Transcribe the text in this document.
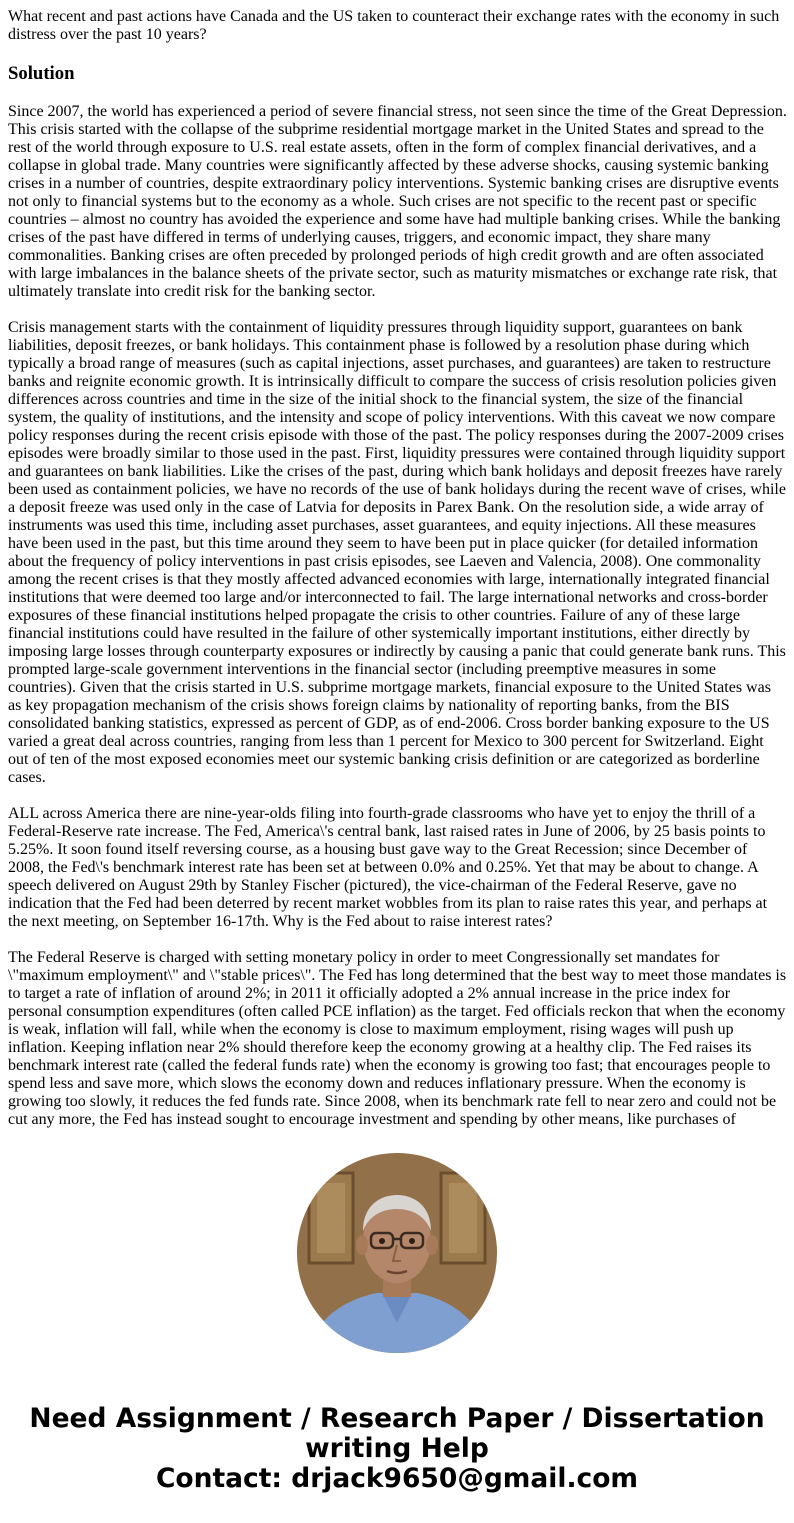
What recent and past actions have Canada and the US taken to counteract their exchange rates with the economy in such distress over the past 10 years?

Solution

Since 2007, the world has experienced a period of severe financial stress, not seen since the time of the Great Depression. This crisis started with the collapse of the subprime residential mortgage market in the United States and spread to the rest of the world through exposure to U.S. real estate assets, often in the form of complex financial derivatives, and a collapse in global trade. Many countries were significantly affected by these adverse shocks, causing systemic banking crises in a number of countries, despite extraordinary policy interventions. Systemic banking crises are disruptive events not only to financial systems but to the economy as a whole. Such crises are not specific to the recent past or specific countries – almost no country has avoided the experience and some have had multiple banking crises. While the banking crises of the past have differed in terms of underlying causes, triggers, and economic impact, they share many commonalities. Banking crises are often preceded by prolonged periods of high credit growth and are often associated with large imbalances in the balance sheets of the private sector, such as maturity mismatches or exchange rate risk, that ultimately translate into credit risk for the banking sector.

Crisis management starts with the containment of liquidity pressures through liquidity support, guarantees on bank liabilities, deposit freezes, or bank holidays. This containment phase is followed by a resolution phase during which typically a broad range of measures (such as capital injections, asset purchases, and guarantees) are taken to restructure banks and reignite economic growth. It is intrinsically difficult to compare the success of crisis resolution policies given differences across countries and time in the size of the initial shock to the financial system, the size of the financial system, the quality of institutions, and the intensity and scope of policy interventions. With this caveat we now compare policy responses during the recent crisis episode with those of the past. The policy responses during the 2007-2009 crises episodes were broadly similar to those used in the past. First, liquidity pressures were contained through liquidity support and guarantees on bank liabilities. Like the crises of the past, during which bank holidays and deposit freezes have rarely been used as containment policies, we have no records of the use of bank holidays during the recent wave of crises, while a deposit freeze was used only in the case of Latvia for deposits in Parex Bank. On the resolution side, a wide array of instruments was used this time, including asset purchases, asset guarantees, and equity injections. All these measures have been used in the past, but this time around they seem to have been put in place quicker (for detailed information about the frequency of policy interventions in past crisis episodes, see Laeven and Valencia, 2008). One commonality among the recent crises is that they mostly affected advanced economies with large, internationally integrated financial institutions that were deemed too large and/or interconnected to fail. The large international networks and cross-border exposures of these financial institutions helped propagate the crisis to other countries. Failure of any of these large financial institutions could have resulted in the failure of other systemically important institutions, either directly by imposing large losses through counterparty exposures or indirectly by causing a panic that could generate bank runs. This prompted large-scale government interventions in the financial sector (including preemptive measures in some countries). Given that the crisis started in U.S. subprime mortgage markets, financial exposure to the United States was as key propagation mechanism of the crisis shows foreign claims by nationality of reporting banks, from the BIS consolidated banking statistics, expressed as percent of GDP, as of end-2006. Cross border banking exposure to the US varied a great deal across countries, ranging from less than 1 percent for Mexico to 300 percent for Switzerland. Eight out of ten of the most exposed economies meet our systemic banking crisis definition or are categorized as borderline cases.

ALL across America there are nine-year-olds filing into fourth-grade classrooms who have yet to enjoy the thrill of a Federal-Reserve rate increase. The Fed, America\'s central bank, last raised rates in June of 2006, by 25 basis points to 5.25%. It soon found itself reversing course, as a housing bust gave way to the Great Recession; since December of 2008, the Fed\'s benchmark interest rate has been set at between 0.0% and 0.25%. Yet that may be about to change. A speech delivered on August 29th by Stanley Fischer (pictured), the vice-chairman of the Federal Reserve, gave no indication that the Fed had been deterred by recent market wobbles from its plan to raise rates this year, and perhaps at the next meeting, on September 16-17th. Why is the Fed about to raise interest rates?

The Federal Reserve is charged with setting monetary policy in order to meet Congressionally set mandates for \"maximum employment\" and \"stable prices\". The Fed has long determined that the best way to meet those mandates is to target a rate of inflation of around 2%; in 2011 it officially adopted a 2% annual increase in the price index for personal consumption expenditures (often called PCE inflation) as the target. Fed officials reckon that when the economy is weak, inflation will fall, while when the economy is close to maximum employment, rising wages will push up inflation. Keeping inflation near 2% should therefore keep the economy growing at a healthy clip. The Fed raises its benchmark interest rate (called the federal funds rate) when the economy is growing too fast; that encourages people to spend less and save more, which slows the economy down and reduces inflationary pressure. When the economy is growing too slowly, it reduces the fed funds rate. Since 2008, when its benchmark rate fell to near zero and could not be cut any more, the Fed has instead sought to encourage investment and spending by other means, like purchases of

Need Assignment / Research Paper / Dissertation
writing Help
Contact: drjack9650@gmail.com
